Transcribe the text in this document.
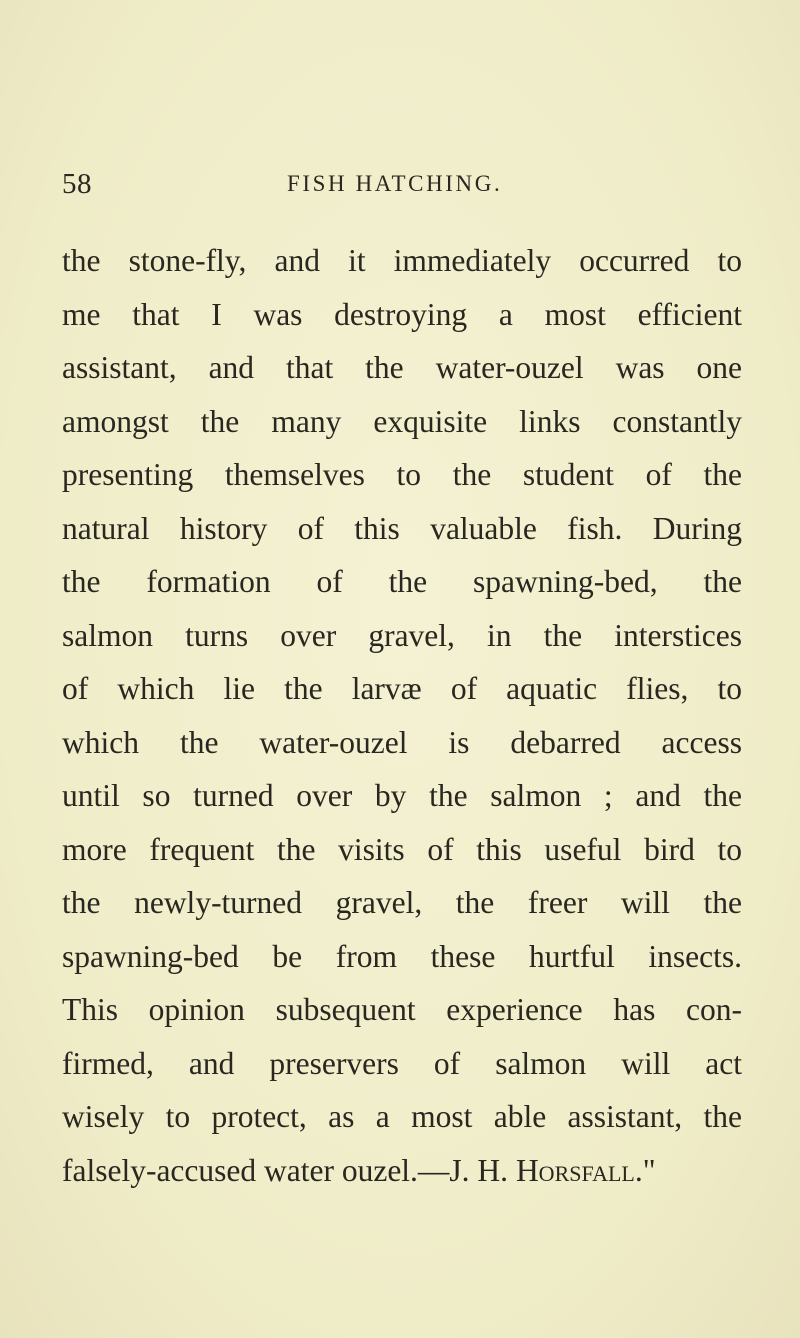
58	FISH HATCHING.
the stone-fly, and it immediately occurred to
me that I was destroying a most efficient
assistant, and that the water-ouzel was one
amongst the many exquisite links constantly
presenting themselves to the student of the
natural history of this valuable fish. During
the formation of the spawning-bed, the
salmon turns over gravel, in the interstices
of which lie the larvæ of aquatic flies, to
which the water-ouzel is debarred access
until so turned over by the salmon ; and the
more frequent the visits of this useful bird to
the newly-turned gravel, the freer will the
spawning-bed be from these hurtful insects.
This opinion subsequent experience has con-
firmed, and preservers of salmon will act
wisely to protect, as a most able assistant, the
falsely-accused water ouzel.—J. H. Horsfall."
